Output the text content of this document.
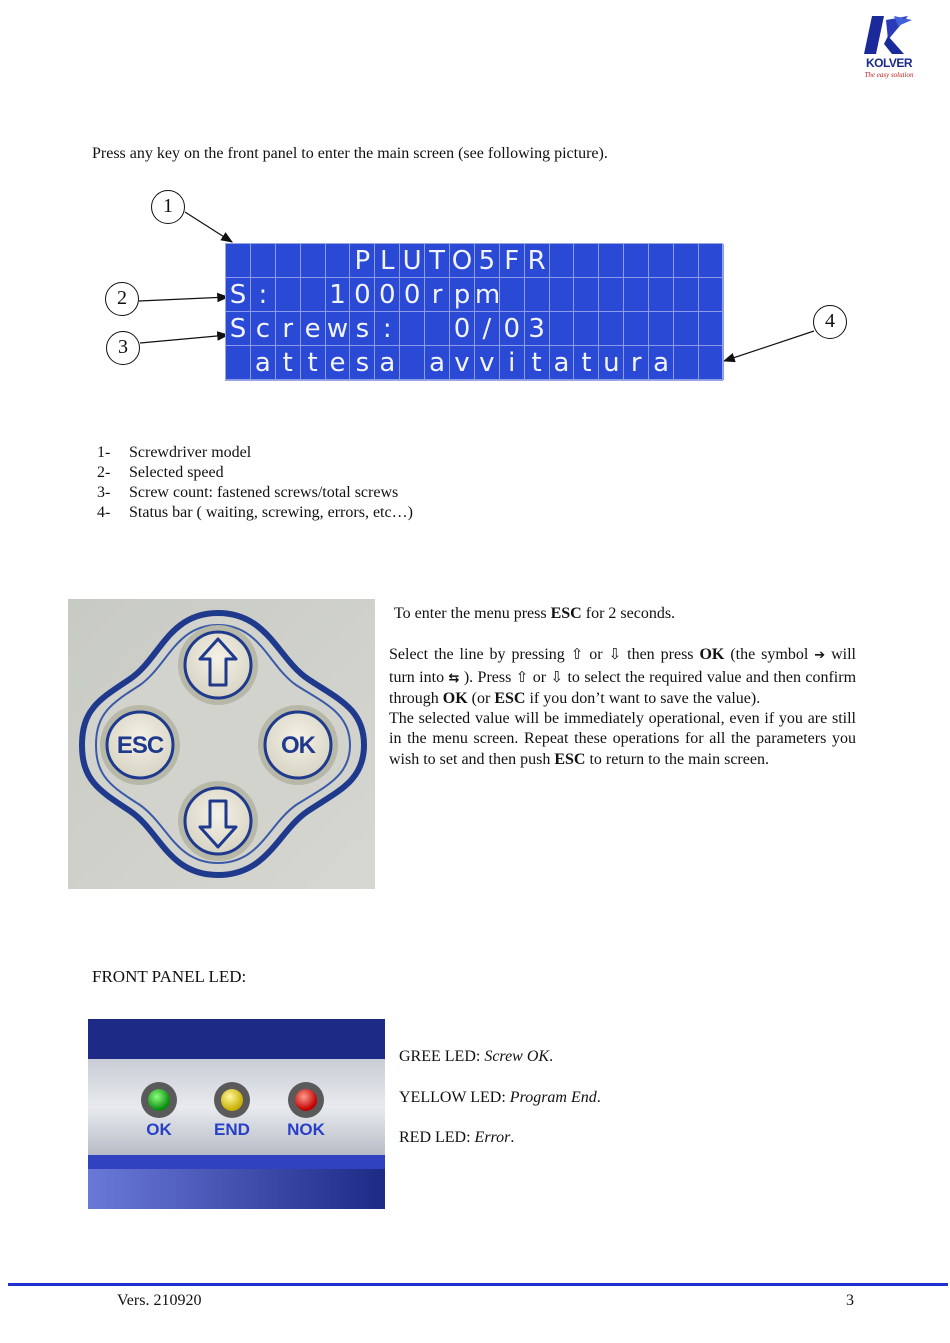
KOLVER
The easy solution
Press any key on the front panel to enter the main screen (see following picture).
1
2
3
4

P L U T O 5 F R

S :

	1 0 0 0 r p m

S c r e w s :

	0 / 0 3

a t t e s a
a v v i t a t u r a

1- Screwdriver model
2- Selected speed
3- Screw count: fastened screws/total screws
4- Status bar ( waiting, screwing, errors, etc…)
ESC	OK

To enter the menu press ESC for 2 seconds.

Select the line by pressing ⇧ or ⇩ then press OK (the symbol ➔ will turn into ⇆ ). Press ⇧ or ⇩ to select the required value and then confirm through OK (or ESC if you don’t want to save the value).

The selected value will be immediately operational, even if you are still in the menu screen. Repeat these operations for all the parameters you wish to set and then push ESC to return to the main screen.

FRONT PANEL LED:
OK	END	NOK
GREE LED: Screw OK.
YELLOW LED: Program End.
RED LED: Error.
Vers. 210920	3
